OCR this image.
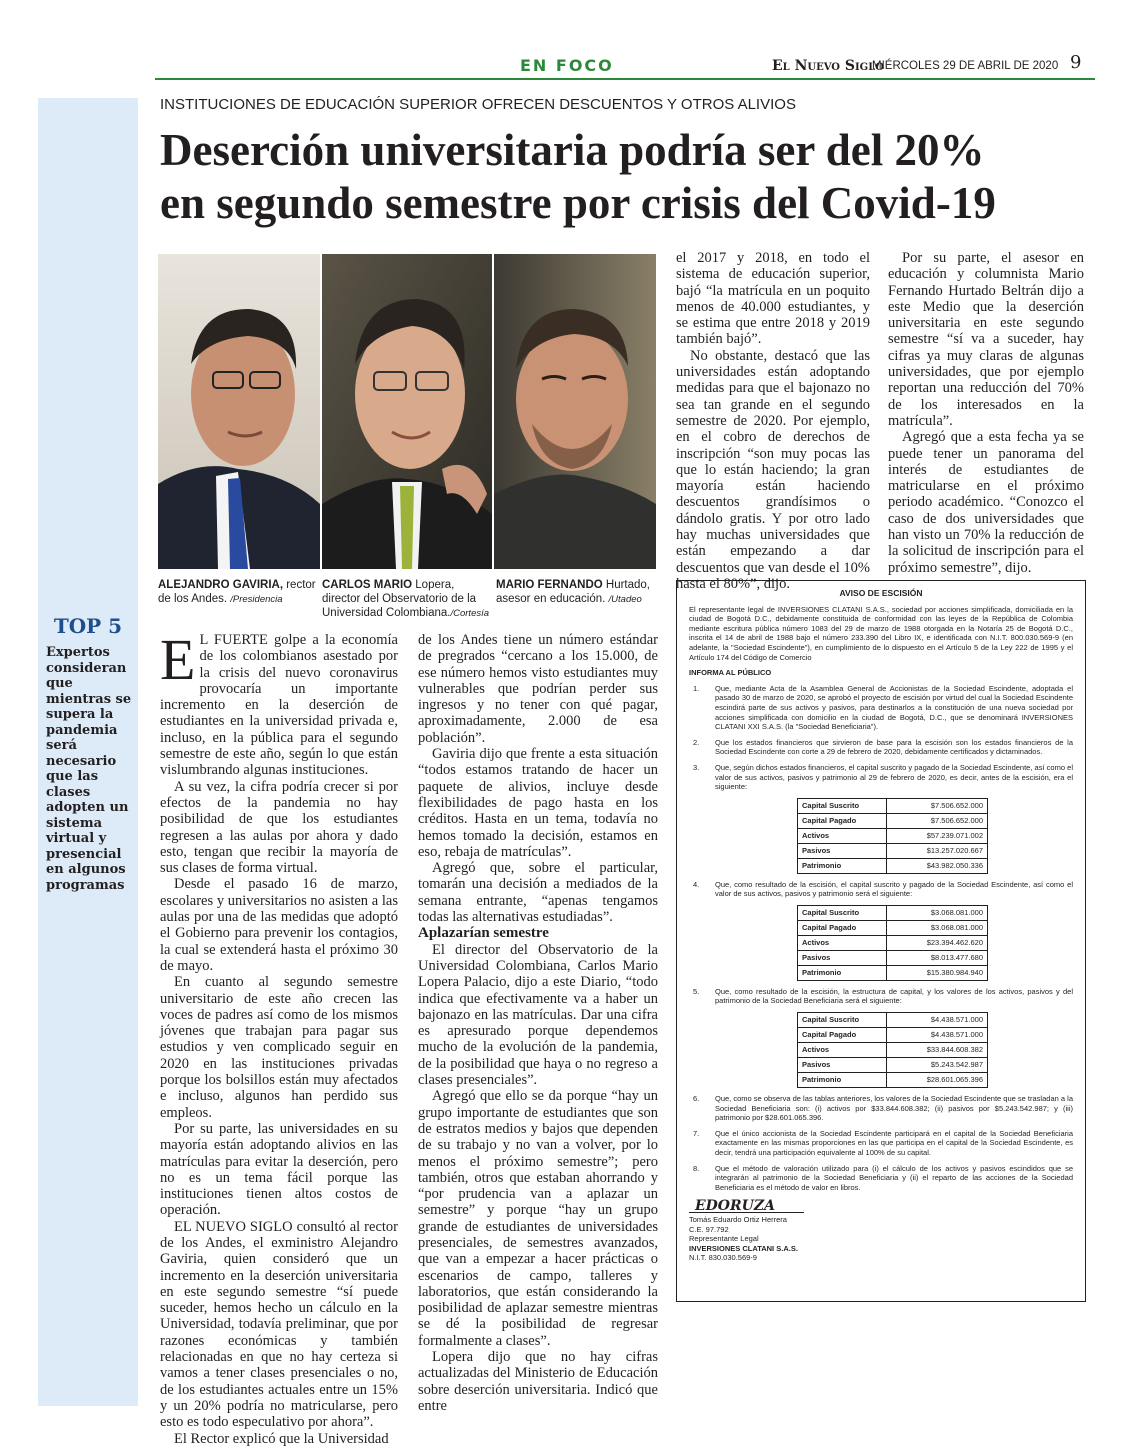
EN FOCO	El Nuevo Siglo
MIÉRCOLES 29 DE ABRIL DE 2020 9
TOP 5
Expertos consideran que mientras se supera la pandemia será necesario que las clases adopten un sistema virtual y presencial en algunos programas
INSTITUCIONES DE EDUCACIÓN SUPERIOR OFRECEN DESCUENTOS Y OTROS ALIVIOS
Deserción universitaria podría ser del 20%
en segundo semestre por crisis del Covid-19
ALEJANDRO GAVIRIA, rector de los Andes. /Presidencia
CARLOS MARIO Lopera, director del Observatorio de la Universidad Colombiana./Cortesía
MARIO FERNANDO Hurtado, asesor en educación. /Utadeo

E L FUERTE golpe a la economía de los colombianos asestado por la crisis del nuevo coronavirus provocaría un importante incremento en la deserción de estudiantes en la universidad privada e, incluso, en la pública para el segundo semestre de este año, según lo que están vislumbrando algunas instituciones.

A su vez, la cifra podría crecer si por efectos de la pandemia no hay posibilidad de que los estudiantes regresen a las aulas por ahora y dado esto, tengan que recibir la mayoría de sus clases de forma virtual.

Desde el pasado 16 de marzo, escolares y universitarios no asisten a las aulas por una de las medidas que adoptó el Gobierno para prevenir los contagios, la cual se extenderá hasta el próximo 30 de mayo.

En cuanto al segundo semestre universitario de este año crecen las voces de padres así como de los mismos jóvenes que trabajan para pagar sus estudios y ven complicado seguir en 2020 en las instituciones privadas porque los bolsillos están muy afectados e incluso, algunos han perdido sus empleos.

Por su parte, las universidades en su mayoría están adoptando alivios en las matrículas para evitar la deserción, pero no es un tema fácil porque las instituciones tienen altos costos de operación.

EL NUEVO SIGLO consultó al rector de los Andes, el exministro Alejandro Gaviria, quien consideró que un incremento en la deserción universitaria en este segundo semestre “sí puede suceder, hemos hecho un cálculo en la Universidad, todavía preliminar, que por razones económicas y también relacionadas en que no hay certeza si vamos a tener clases presenciales o no, de los estudiantes actuales entre un 15% y un 20% podría no matricularse, pero esto es todo especulativo por ahora”.

El Rector explicó que la Universidad

de los Andes tiene un número estándar de pregrados “cercano a los 15.000, de ese número hemos visto estudiantes muy vulnerables que podrían perder sus ingresos y no tener con qué pagar, aproximadamente, 2.000 de esa población”.

Gaviria dijo que frente a esta situación “todos estamos tratando de hacer un paquete de alivios, incluye desde flexibilidades de pago hasta en los créditos. Hasta en un tema, todavía no hemos tomado la decisión, estamos en eso, rebaja de matrículas”.

Agregó que, sobre el particular, tomarán una decisión a mediados de la semana entrante, “apenas tengamos todas las alternativas estudiadas”.

Aplazarían semestre

El director del Observatorio de la Universidad Colombiana, Carlos Mario Lopera Palacio, dijo a este Diario, “todo indica que efectivamente va a haber un bajonazo en las matrículas. Dar una cifra es apresurado porque dependemos mucho de la evolución de la pandemia, de la posibilidad que haya o no regreso a clases presenciales”.

Agregó que ello se da porque “hay un grupo importante de estudiantes que son de estratos medios y bajos que dependen de su trabajo y no van a volver, por lo menos el próximo semestre”; pero también, otros que estaban ahorrando y “por prudencia van a aplazar un semestre” y porque “hay un grupo grande de estudiantes de universidades presenciales, de semestres avanzados, que van a empezar a hacer prácticas o escenarios de campo, talleres y laboratorios, que están considerando la posibilidad de aplazar semestre mientras se dé la posibilidad de regresar formalmente a clases”.

Lopera dijo que no hay cifras actualizadas del Ministerio de Educación sobre deserción universitaria. Indicó que entre

el 2017 y 2018, en todo el sistema de educación superior, bajó “la matrícula en un poquito menos de 40.000 estudiantes, y se estima que entre 2018 y 2019 también bajó”.

No obstante, destacó que las universidades están adoptando medidas para que el bajonazo no sea tan grande en el segundo semestre de 2020. Por ejemplo, en el cobro de derechos de inscripción “son muy pocas las que lo están haciendo; la gran mayoría están haciendo descuentos grandísimos o dándolo gratis. Y por otro lado hay muchas universidades que están empezando a dar descuentos que van desde el 10% hasta el 80%”, dijo.

Por su parte, el asesor en educación y columnista Mario Fernando Hurtado Beltrán dijo a este Medio que la deserción universitaria en este segundo semestre “sí va a suceder, hay cifras ya muy claras de algunas universidades, que por ejemplo reportan una reducción del 70% de los interesados en la matrícula”.

Agregó que a esta fecha ya se puede tener un panorama del interés de estudiantes de matricularse en el próximo periodo académico. “Conozco el caso de dos universidades que han visto un 70% la reducción de la solicitud de inscripción para el próximo semestre”, dijo.

AVISO DE ESCISIÓN
El representante legal de INVERSIONES CLATANI S.A.S., sociedad por acciones simplificada, domiciliada en la ciudad de Bogotá D.C., debidamente constituida de conformidad con las leyes de la República de Colombia mediante escritura pública número 1083 del 29 de marzo de 1988 otorgada en la Notaría 25 de Bogotá D.C., inscrita el 14 de abril de 1988 bajo el número 233.390 del Libro IX, e identificada con N.I.T. 800.030.569-9 (en adelante, la "Sociedad Escindente"), en cumplimiento de lo dispuesto en el Artículo 5 de la Ley 222 de 1995 y el Artículo 174 del Código de Comercio
INFORMA AL PÚBLICO
1.	Que, mediante Acta de la Asamblea General de Accionistas de la Sociedad Escindente, adoptada el pasado 30 de marzo de 2020, se aprobó el proyecto de escisión por virtud del cual la Sociedad Escindente escindirá parte de sus activos y pasivos, para destinarlos a la constitución de una nueva sociedad por acciones simplificada con domicilio en la ciudad de Bogotá, D.C., que se denominará INVERSIONES CLATANI XXI S.A.S. (la "Sociedad Beneficiaria").
2.	Que los estados financieros que sirvieron de base para la escisión son los estados financieros de la Sociedad Escindente con corte a 29 de febrero de 2020, debidamente certificados y dictaminados.
3.	Que, según dichos estados financieros, el capital suscrito y pagado de la Sociedad Escindente, así como el valor de sus activos, pasivos y patrimonio al 29 de febrero de 2020, es decir, antes de la escisión, era el siguiente:
Capital Suscrito	$7.506.652.000
Capital Pagado	$7.506.652.000
Activos	$57.239.071.002
Pasivos	$13.257.020.667
Patrimonio	$43.982.050.336
4.	Que, como resultado de la escisión, el capital suscrito y pagado de la Sociedad Escindente, así como el valor de sus activos, pasivos y patrimonio será el siguiente:
Capital Suscrito	$3.068.081.000
Capital Pagado	$3.068.081.000
Activos	$23.394.462.620
Pasivos	$8.013.477.680
Patrimonio	$15.380.984.940
5.	Que, como resultado de la escisión, la estructura de capital, y los valores de los activos, pasivos y del patrimonio de la Sociedad Beneficiaria será el siguiente:
Capital Suscrito	$4.438.571.000
Capital Pagado	$4.438.571.000
Activos	$33.844.608.382
Pasivos	$5.243.542.987
Patrimonio	$28.601.065.396
6.	Que, como se observa de las tablas anteriores, los valores de la Sociedad Escindente que se trasladan a la Sociedad Beneficiaria son: (i) activos por $33.844.608.382; (ii) pasivos por $5.243.542.987; y (iii) patrimonio por $28.601.065.396.
7.	Que el único accionista de la Sociedad Escindente participará en el capital de la Sociedad Beneficiaria exactamente en las mismas proporciones en las que participa en el capital de la Sociedad Escindente, es decir, tendrá una participación equivalente al 100% de su capital.
8.	Que el método de valoración utilizado para (i) el cálculo de los activos y pasivos escindidos que se integrarán al patrimonio de la Sociedad Beneficiaria y (ii) el reparto de las acciones de la Sociedad Beneficiaria es el método de valor en libros.
EDORUZA
Tomás Eduardo Ortiz Herrera
C.E. 97.792
Representante Legal
INVERSIONES CLATANI S.A.S.
N.I.T. 830.030.569-9
